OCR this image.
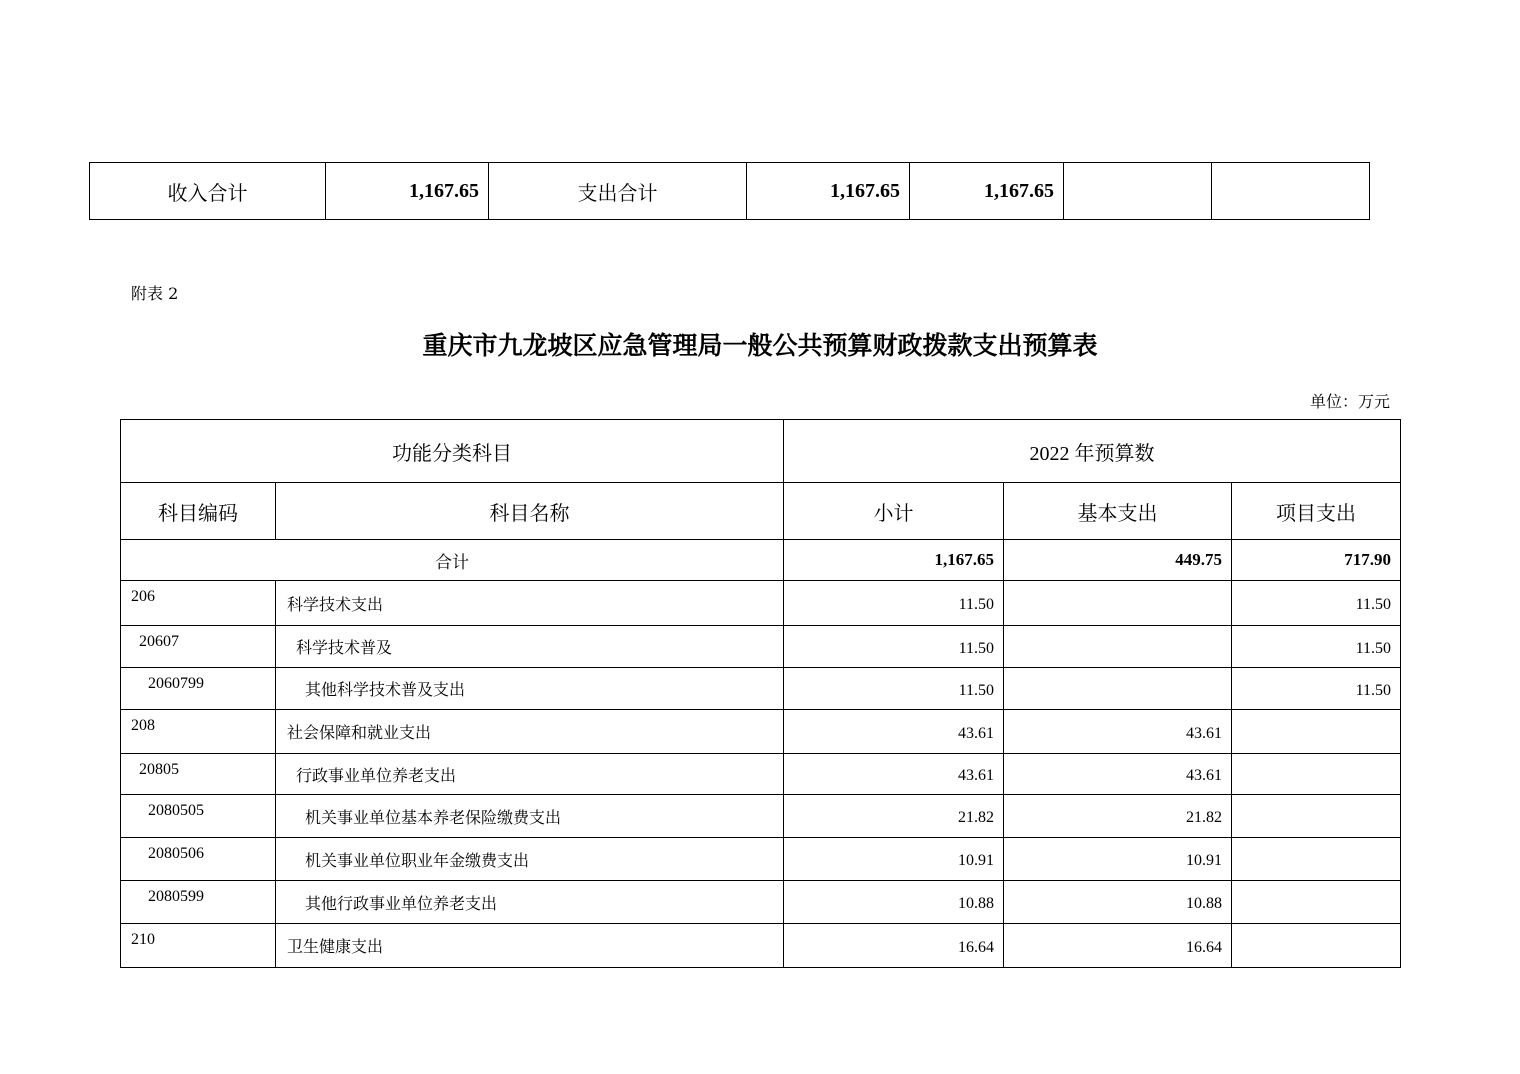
收入合计	1,167.65	支出合计	1,167.65	1,167.65		
附表 2
重庆市九龙坡区应急管理局一般公共预算财政拨款支出预算表
单位：万元
功能分类科目		2022 年预算数		
科目编码	科目名称	小计	基本支出	项目支出
合计		1,167.65	449.75	717.90
206	科学技术支出	11.50		11.50
20607	科学技术普及	11.50		11.50
2060799	其他科学技术普及支出	11.50		11.50
208	社会保障和就业支出	43.61	43.61	
20805	行政事业单位养老支出	43.61	43.61	
2080505	机关事业单位基本养老保险缴费支出	21.82	21.82	
2080506	机关事业单位职业年金缴费支出	10.91	10.91	
2080599	其他行政事业单位养老支出	10.88	10.88	
210	卫生健康支出	16.64	16.64	
